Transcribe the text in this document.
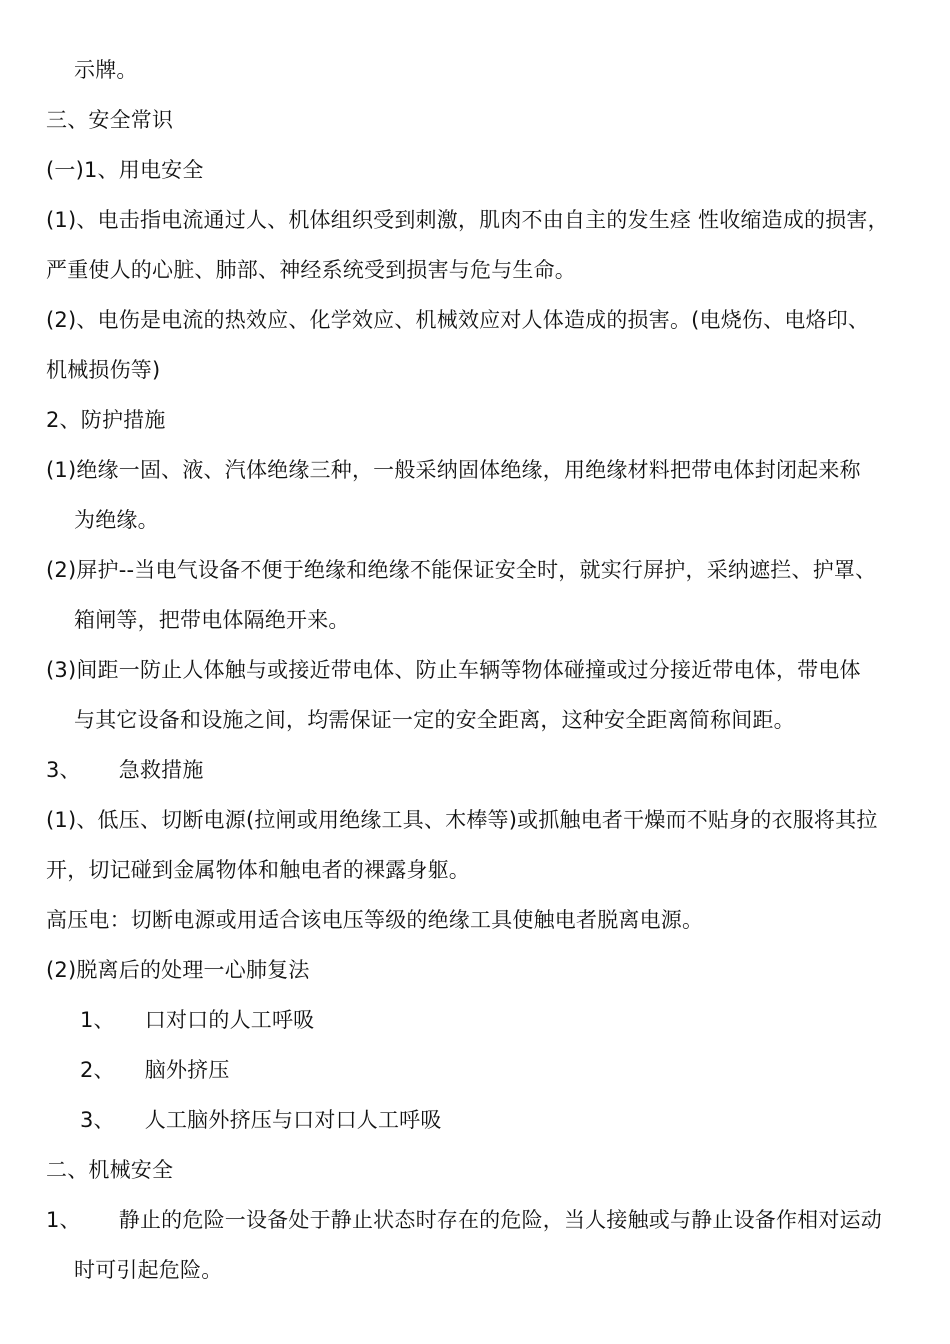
示牌。
三、安全常识
(一)1、用电安全
(1)、电击指电流通过人、机体组织受到刺激，肌肉不由自主的发生痉 性收缩造成的损害，
严重使人的心脏、肺部、神经系统受到损害与危与生命。
(2)、电伤是电流的热效应、化学效应、机械效应对人体造成的损害。(电烧伤、电烙印、
机械损伤等)
2、防护措施
(1)绝缘一固、液、汽体绝缘三种，一般采纳固体绝缘，用绝缘材料把带电体封闭起来称
为绝缘。
(2)屏护--当电气设备不便于绝缘和绝缘不能保证安全时，就实行屏护，采纳遮拦、护罩、
箱闸等，把带电体隔绝开来。
(3)间距一防止人体触与或接近带电体、防止车辆等物体碰撞或过分接近带电体，带电体
与其它设备和设施之间，均需保证一定的安全距离，这种安全距离简称间距。
3、 急救措施
(1)、低压、切断电源(拉闸或用绝缘工具、木棒等)或抓触电者干燥而不贴身的衣服将其拉
开，切记碰到金属物体和触电者的裸露身躯。
高压电：切断电源或用适合该电压等级的绝缘工具使触电者脱离电源。
(2)脱离后的处理一心肺复法
1、 口对口的人工呼吸
2、 脑外挤压
3、 人工脑外挤压与口对口人工呼吸
二、机械安全
1、 静止的危险一设备处于静止状态时存在的危险，当人接触或与静止设备作相对运动
时可引起危险。
